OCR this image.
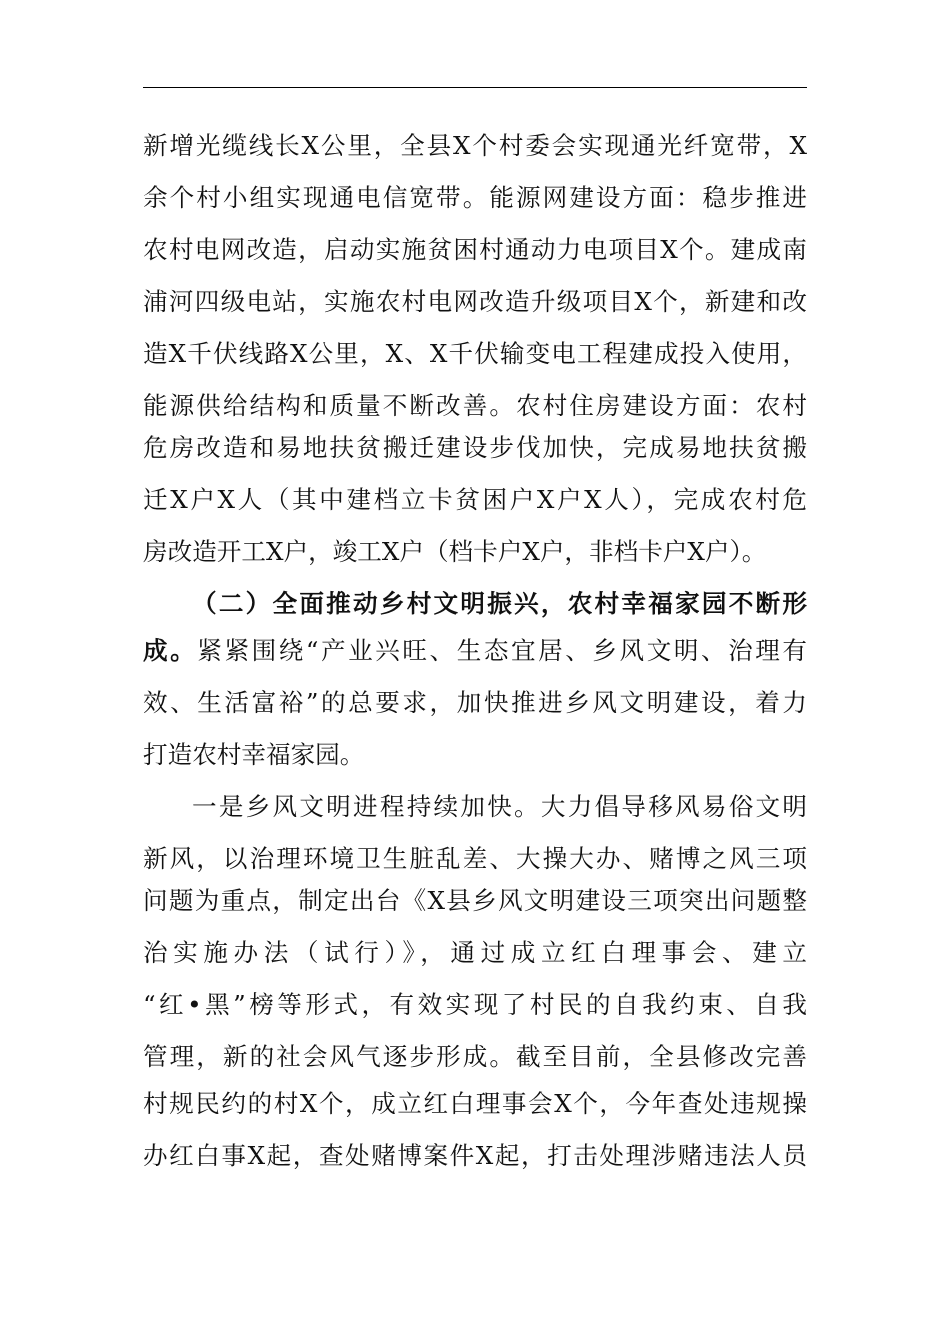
新增光缆线长X公里，全县X个村委会实现通光纤宽带，X
余个村小组实现通电信宽带。能源网建设方面：稳步推进
农村电网改造，启动实施贫困村通动力电项目X个。建成南
浦河四级电站，实施农村电网改造升级项目X个，新建和改
造X千伏线路X公里，X、X千伏输变电工程建成投入使用，
能源供给结构和质量不断改善。农村住房建设方面：农村
危房改造和易地扶贫搬迁建设步伐加快，完成易地扶贫搬
迁X户X人（其中建档立卡贫困户X户X人），完成农村危
房改造开工X户，竣工X户（档卡户X户，非档卡户X户）。
（二）全面推动乡村文明振兴，农村幸福家园不断形
成。紧紧围绕“产业兴旺、生态宜居、乡风文明、治理有
效、生活富裕”的总要求，加快推进乡风文明建设，着力
打造农村幸福家园。
一是乡风文明进程持续加快。大力倡导移风易俗文明
新风，以治理环境卫生脏乱差、大操大办、赌博之风三项
问题为重点，制定出台《X县乡风文明建设三项突出问题整
治实施办法（试行）》，通过成立红白理事会、建立
“红•黑”榜等形式，有效实现了村民的自我约束、自我
管理，新的社会风气逐步形成。截至目前，全县修改完善
村规民约的村X个，成立红白理事会X个，今年查处违规操
办红白事X起，查处赌博案件X起，打击处理涉赌违法人员
